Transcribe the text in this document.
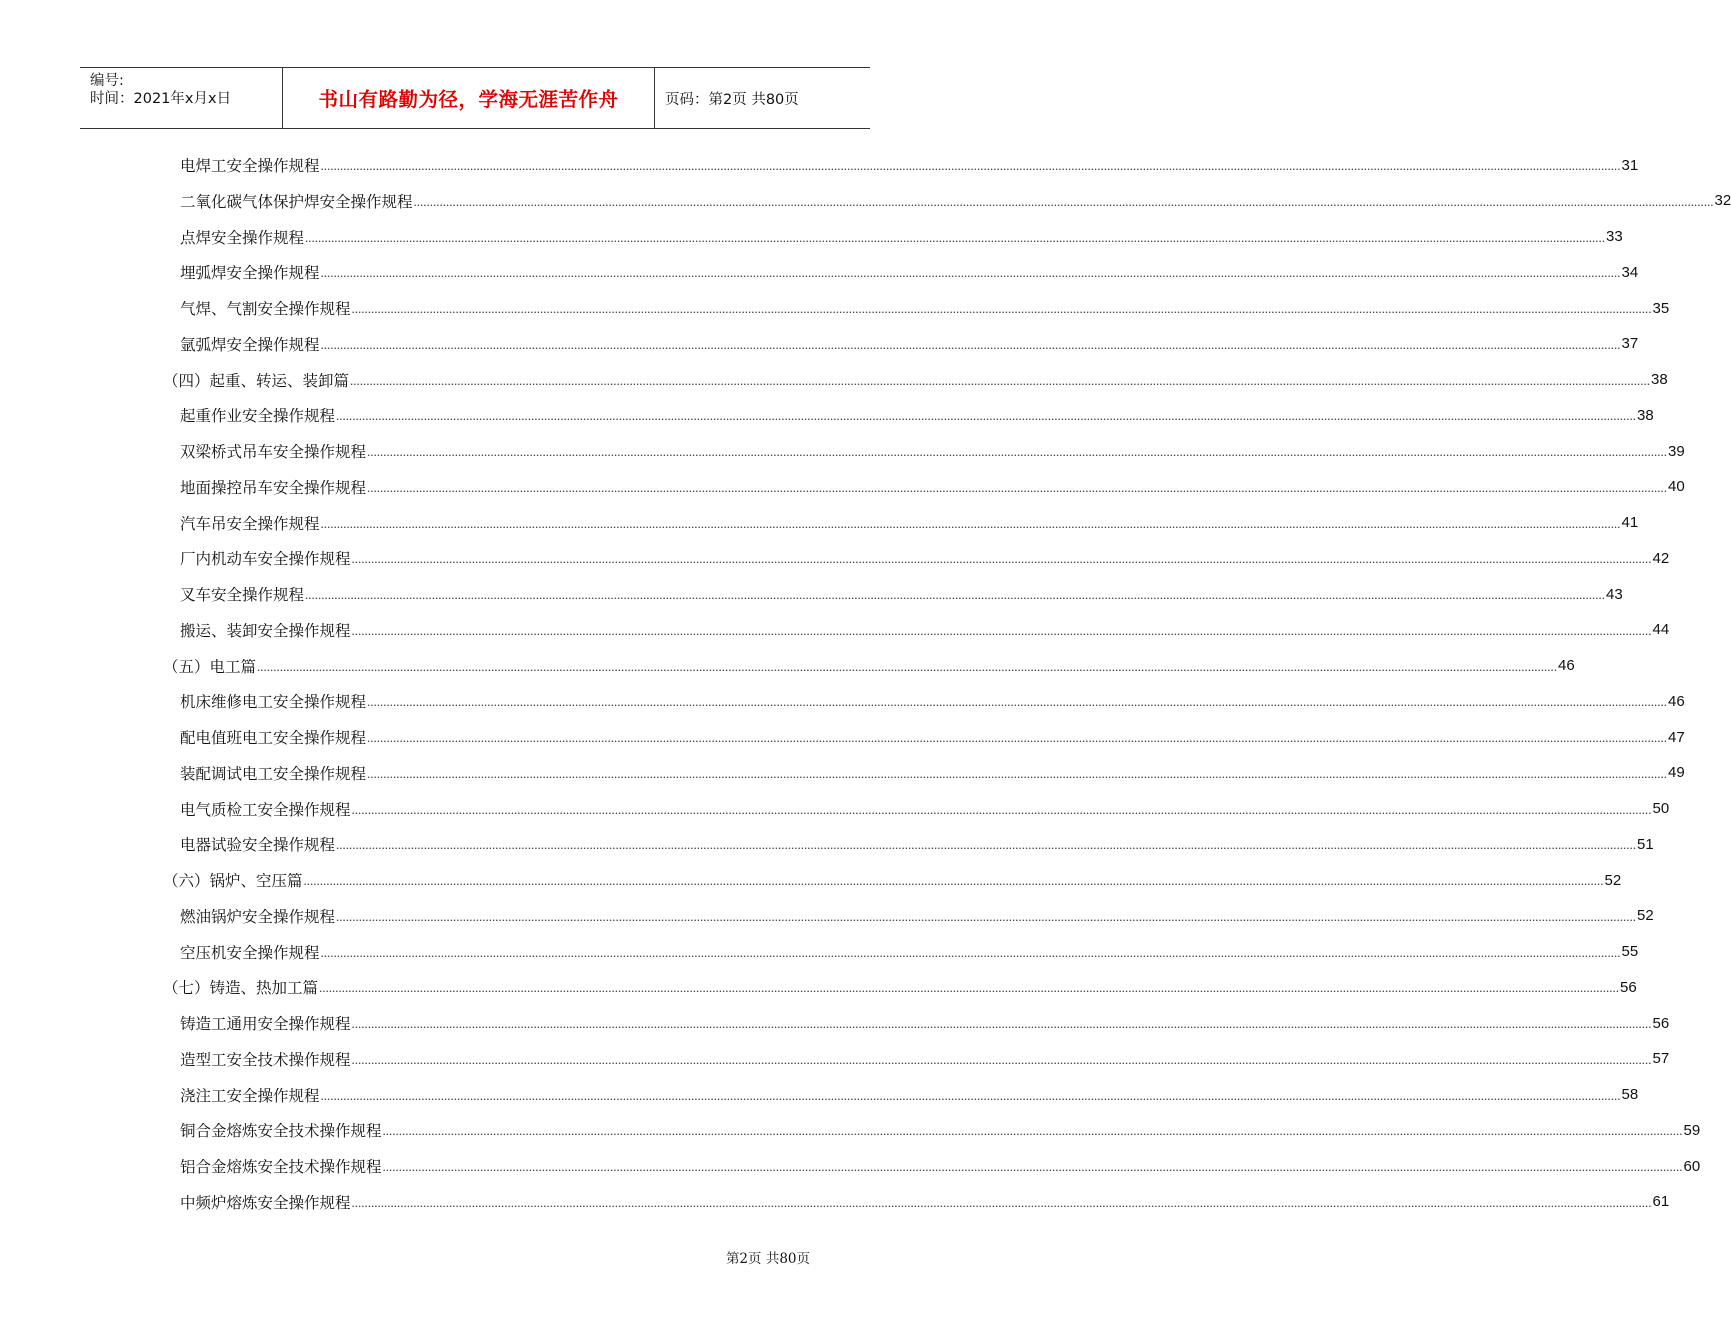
编号:
时间：2021年x月x日	书山有路勤为径，学海无涯苦作舟	页码：第2页 共80页
电焊工安全操作规程 ................................................................................................................................................................................................................................................................................................................................................................................................................ 31
二氧化碳气体保护焊安全操作规程 ................................................................................................................................................................................................................................................................................................................................................................................................................ 32
点焊安全操作规程 ................................................................................................................................................................................................................................................................................................................................................................................................................ 33
埋弧焊安全操作规程 ................................................................................................................................................................................................................................................................................................................................................................................................................ 34
气焊、气割安全操作规程 ................................................................................................................................................................................................................................................................................................................................................................................................................ 35
氩弧焊安全操作规程 ................................................................................................................................................................................................................................................................................................................................................................................................................ 37
（四）起重、转运、装卸篇 ................................................................................................................................................................................................................................................................................................................................................................................................................ 38
起重作业安全操作规程 ................................................................................................................................................................................................................................................................................................................................................................................................................ 38
双梁桥式吊车安全操作规程 ................................................................................................................................................................................................................................................................................................................................................................................................................ 39
地面操控吊车安全操作规程 ................................................................................................................................................................................................................................................................................................................................................................................................................ 40
汽车吊安全操作规程 ................................................................................................................................................................................................................................................................................................................................................................................................................ 41
厂内机动车安全操作规程 ................................................................................................................................................................................................................................................................................................................................................................................................................ 42
叉车安全操作规程 ................................................................................................................................................................................................................................................................................................................................................................................................................ 43
搬运、装卸安全操作规程 ................................................................................................................................................................................................................................................................................................................................................................................................................ 44
（五）电工篇 ................................................................................................................................................................................................................................................................................................................................................................................................................ 46
机床维修电工安全操作规程 ................................................................................................................................................................................................................................................................................................................................................................................................................ 46
配电值班电工安全操作规程 ................................................................................................................................................................................................................................................................................................................................................................................................................ 47
装配调试电工安全操作规程 ................................................................................................................................................................................................................................................................................................................................................................................................................ 49
电气质检工安全操作规程 ................................................................................................................................................................................................................................................................................................................................................................................................................ 50
电器试验安全操作规程 ................................................................................................................................................................................................................................................................................................................................................................................................................ 51
（六）锅炉、空压篇 ................................................................................................................................................................................................................................................................................................................................................................................................................ 52
燃油锅炉安全操作规程 ................................................................................................................................................................................................................................................................................................................................................................................................................ 52
空压机安全操作规程 ................................................................................................................................................................................................................................................................................................................................................................................................................ 55
（七）铸造、热加工篇 ................................................................................................................................................................................................................................................................................................................................................................................................................ 56
铸造工通用安全操作规程 ................................................................................................................................................................................................................................................................................................................................................................................................................ 56
造型工安全技术操作规程 ................................................................................................................................................................................................................................................................................................................................................................................................................ 57
浇注工安全操作规程 ................................................................................................................................................................................................................................................................................................................................................................................................................ 58
铜合金熔炼安全技术操作规程 ................................................................................................................................................................................................................................................................................................................................................................................................................ 59
铝合金熔炼安全技术操作规程 ................................................................................................................................................................................................................................................................................................................................................................................................................ 60
中频炉熔炼安全操作规程 ................................................................................................................................................................................................................................................................................................................................................................................................................ 61
第2页 共80页
